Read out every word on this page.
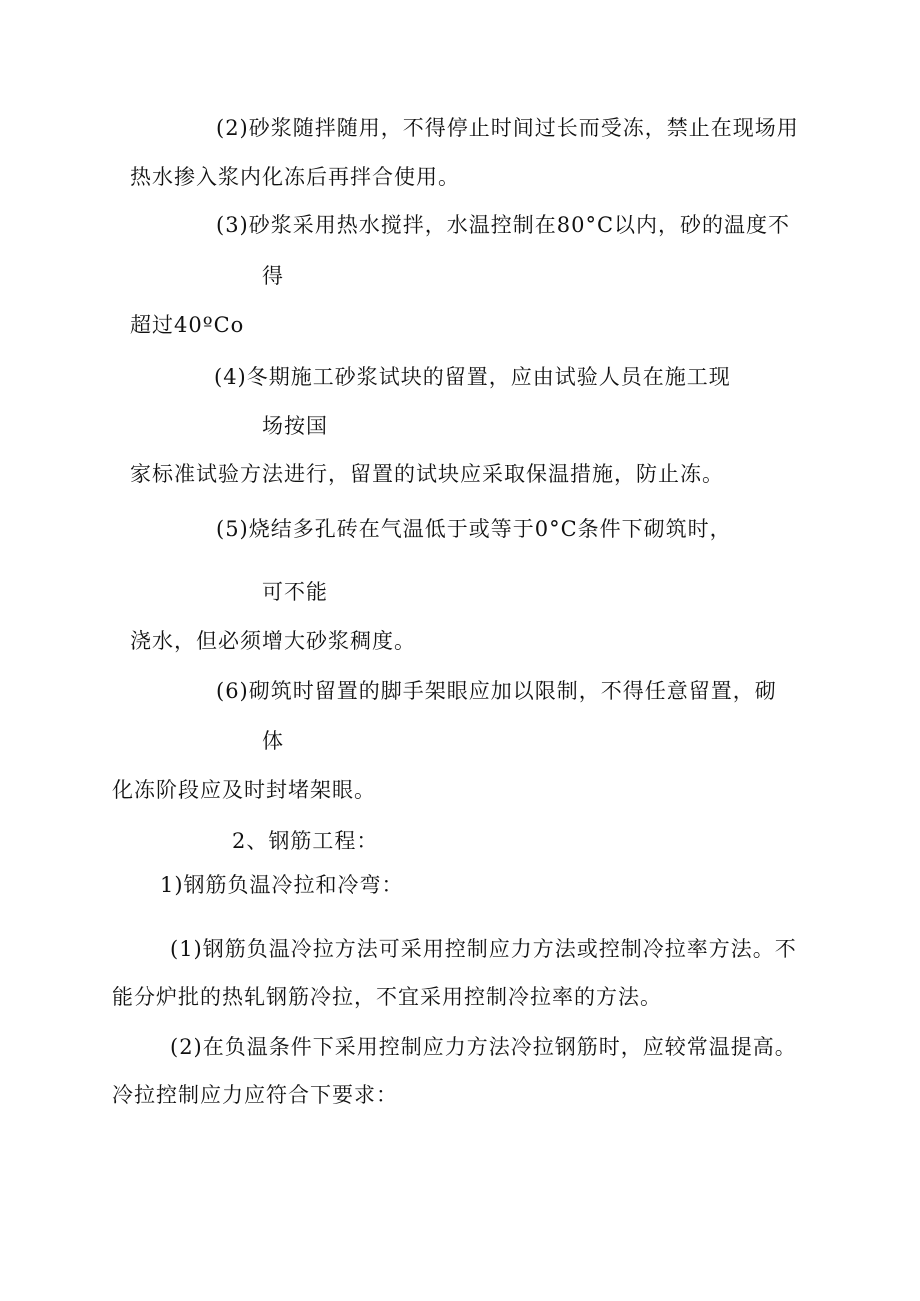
(2)砂浆随拌随用，不得停止时间过长而受冻，禁止在现场用
热水掺入浆内化冻后再拌合使用。
(3)砂浆采用热水搅拌，水温控制在80°C以内，砂的温度不
得
超过40ºCo
(4)冬期施工砂浆试块的留置，应由试验人员在施工现
场按国
家标准试验方法进行，留置的试块应采取保温措施，防止冻。
(5)烧结多孔砖在气温低于或等于0°C条件下砌筑时，
可不能
浇水，但必须增大砂浆稠度。
(6)砌筑时留置的脚手架眼应加以限制，不得任意留置，砌
体
化冻阶段应及时封堵架眼。
2、钢筋工程：
1)钢筋负温冷拉和冷弯：
(1)钢筋负温冷拉方法可采用控制应力方法或控制冷拉率方法。不
能分炉批的热轧钢筋冷拉，不宜采用控制冷拉率的方法。
(2)在负温条件下采用控制应力方法冷拉钢筋时，应较常温提高。
冷拉控制应力应符合下要求：
